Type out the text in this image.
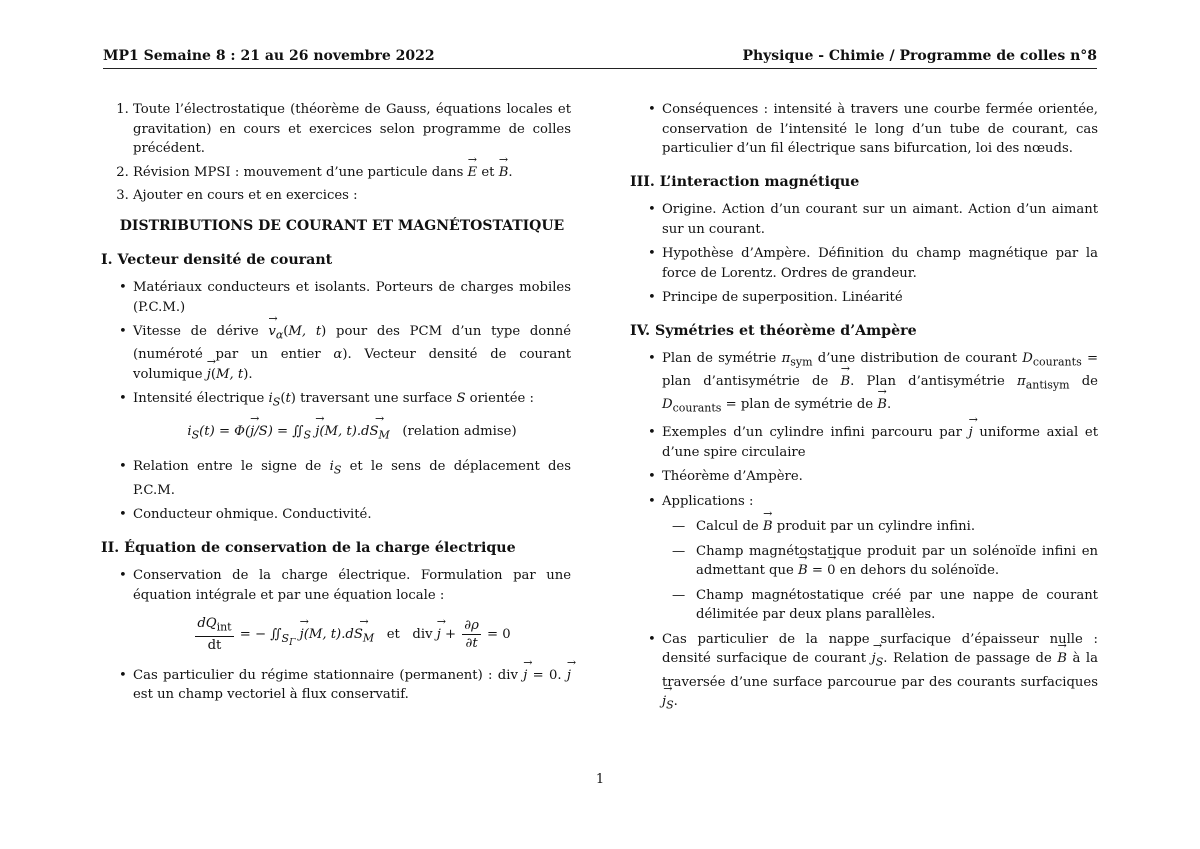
MP1 Semaine 8 : 21 au 26 novembre 2022	Physique - Chimie / Programme de colles n°8
1. Toute l’électrostatique (théorème de Gauss, équations locales et gravitation) en cours et exercices selon programme de colles précédent.
2. Révision MPSI : mouvement d’une particule dans E → et B →.
3. Ajouter en cours et en exercices :
DISTRIBUTIONS DE COURANT ET MAGNÉTOSTATIQUE
I. Vecteur densité de courant
• Matériaux conducteurs et isolants. Porteurs de charges mobiles (P.C.M.)
• Vitesse de dérive $v \to_\alpha(M$, t) pour des PCM d’un type donné (numéroté par un entier α). Vecteur densité de courant volumique j →(M, t).
• Intensité électrique $i_S(t)$ traversant une surface S orientée :
$i_S(t) = \Phi(j \to/S)$ = $∬_S$ j →(M, $t).dS_M$ → (relation admise)
• Relation entre le signe de $i_S$ et le sens de déplacement des P.C.M.
• Conducteur ohmique. Conductivité.
II. Équation de conservation de la charge électrique
• Conservation de la charge électrique. Formulation par une équation intégrale et par une équation locale :
$\frac{dQ_{int}}{dt}$ = − $∬_{S_\Gamma}$ j →(M, $t).dS_M$ → et div j → + $\frac{\partial\rho}{\partial t} = 0$
• Cas particulier du régime stationnaire (permanent) : div j → = 0. j → est un champ vectoriel à flux conservatif.
• Conséquences : intensité à travers une courbe fermée orientée, conservation de l’intensité le long d’un tube de courant, cas particulier d’un fil électrique sans bifurcation, loi des nœuds.
III. L’interaction magnétique
• Origine. Action d’un courant sur un aimant. Action d’un aimant sur un courant.
• Hypothèse d’Ampère. Définition du champ magnétique par la force de Lorentz. Ordres de grandeur.
• Principe de superposition. Linéarité
IV. Symétries et théorème d’Ampère
• Plan de symétrie $\pi_{sym}$ d’une distribution de courant $D_{courants}$ = plan d’antisymétrie de B →. Plan d’antisymétrie $\pi_{antisym}$ de $D_{courants}$ = plan de symétrie de B →.
• Exemples d’un cylindre infini parcouru par j → uniforme axial et d’une spire circulaire
• Théorème d’Ampère.
• Applications :
— Calcul de B → produit par un cylindre infini.
— Champ magnétostatique produit par un solénoïde infini en admettant que B → = 0 → en dehors du solénoïde.
— Champ magnétostatique créé par une nappe de courant délimitée par deux plans parallèles.
• Cas particulier de la nappe surfacique d’épaisseur nulle : densité surfacique de courant $j_S$ →. Relation de passage de B → à la traversée d’une surface parcourue par des courants surfaciques $j_S$ →.
1
